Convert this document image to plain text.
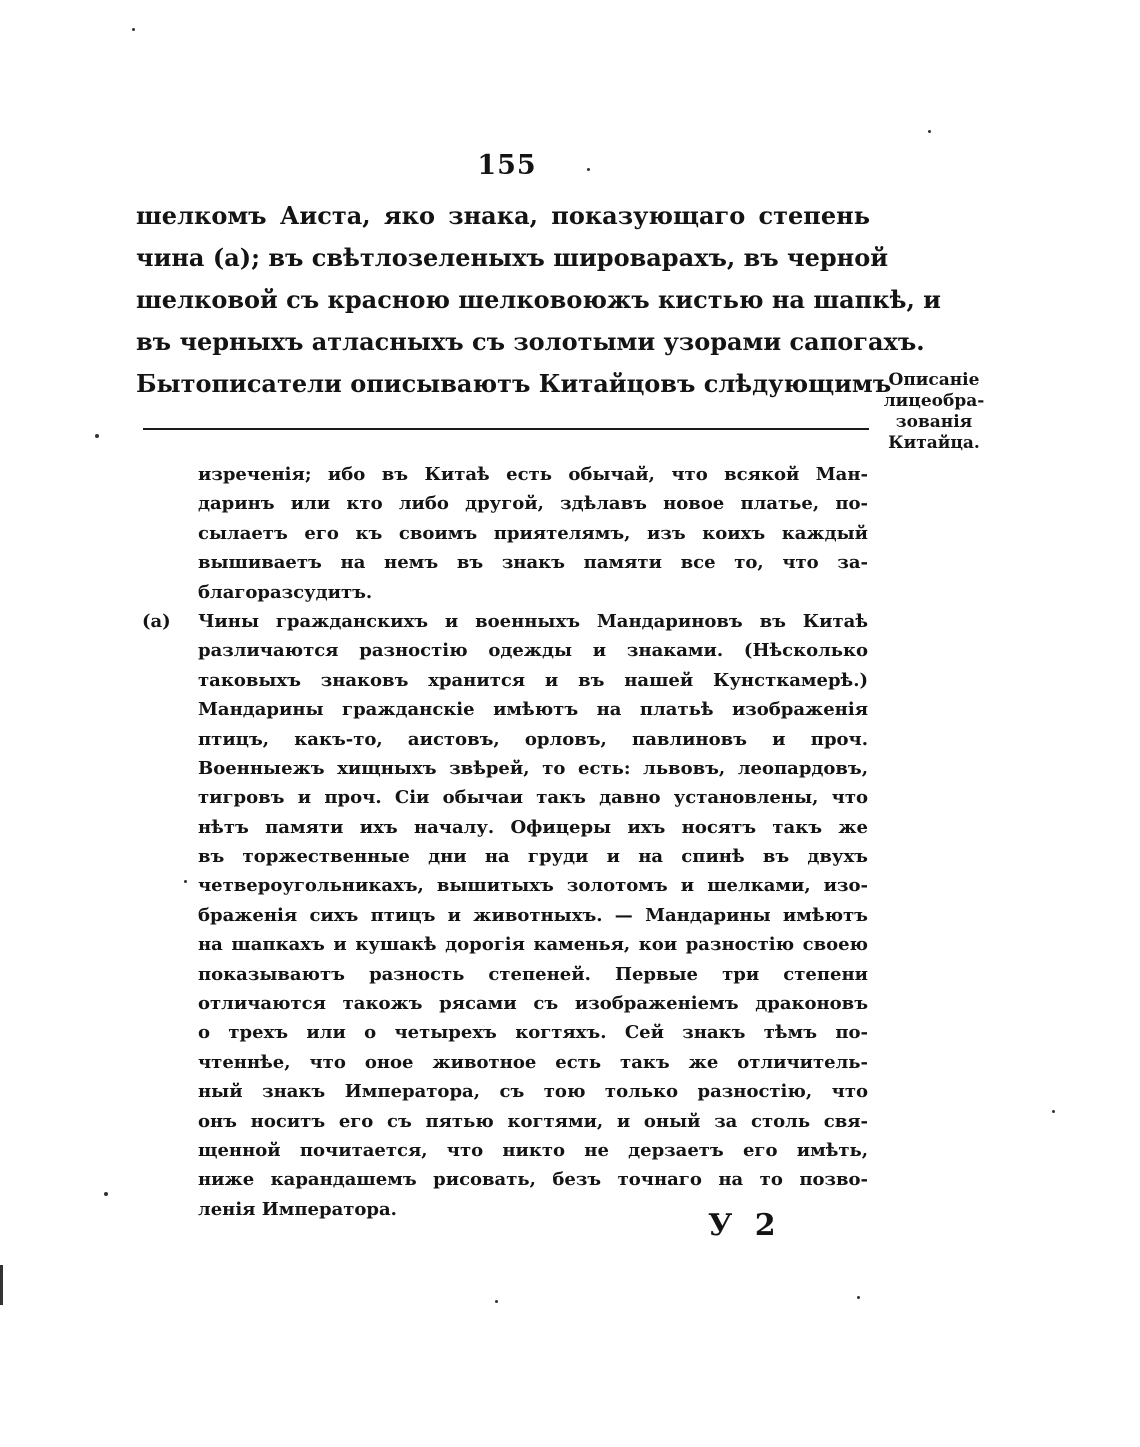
155
шелкомъ Аиста, яко знака, показующаго степень
чина (а); въ свѣтлозеленыхъ широварахъ, въ черной
шелковой съ красною шелковоюжъ кистью на шапкѣ, и
въ черныхъ атласныхъ съ золотыми узорами сапогахъ.
Бытописатели описываютъ Китайцовъ слѣдующимъ
Описаніе
лицеобра-
зованія
Китайца.
изреченія; ибо въ Китаѣ есть обычай, что всякой Ман-
даринъ или кто либо другой, здѣлавъ новое платье, по-
сылаетъ его къ своимъ приятелямъ, изъ коихъ каждый
вышиваетъ на немъ въ знакъ памяти все то, что за-
благоразсудитъ.
(а)	Чины гражданскихъ и военныхъ Мандариновъ въ Китаѣ
различаются разностію одежды и знаками. (Нѣсколько
таковыхъ знаковъ хранится и въ нашей Кунсткамерѣ.)
Мандарины гражданскіе имѣютъ на платьѣ изображенія
птицъ, какъ-то, аистовъ, орловъ, павлиновъ и проч.
Военныежъ хищныхъ звѣрей, то есть: львовъ, леопардовъ,
тигровъ и проч. Сіи обычаи такъ давно установлены, что
нѣтъ памяти ихъ началу. Офицеры ихъ носятъ такъ же
въ торжественные дни на груди и на спинѣ въ двухъ
четвероугольникахъ, вышитыхъ золотомъ и шелками, изо-
браженія сихъ птицъ и животныхъ. — Мандарины имѣютъ
на шапкахъ и кушакѣ дорогія каменья, кои разностію своею
показываютъ разность степеней. Первые три степени
отличаются такожъ рясами съ изображеніемъ драконовъ
о трехъ или о четырехъ когтяхъ. Сей знакъ тѣмъ по-
чтеннѣе, что оное животное есть такъ же отличитель-
ный знакъ Императора, съ тою только разностію, что
онъ носитъ его съ пятью когтями, и оный за столь свя-
щенной почитается, что никто не дерзаетъ его имѣть,
ниже карандашемъ рисовать, безъ точнаго на то позво-
ленія Императора.	У 2
